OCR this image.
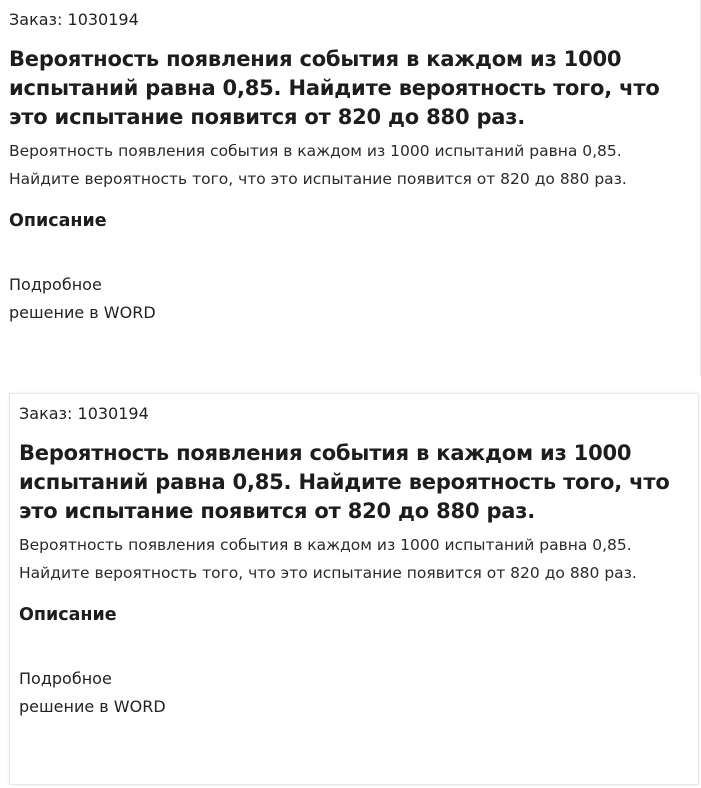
Заказ: 1030194

Вероятность появления события в каждом из 1000 испытаний равна 0,85. Найдите вероятность того, что это испытание появится от 820 до 880 раз.

Вероятность появления события в каждом из 1000 испытаний равна 0,85. Найдите вероятность того, что это испытание появится от 820 до 880 раз.

Описание

Подробное решение в WORD

Заказ: 1030194

Вероятность появления события в каждом из 1000 испытаний равна 0,85. Найдите вероятность того, что это испытание появится от 820 до 880 раз.

Вероятность появления события в каждом из 1000 испытаний равна 0,85. Найдите вероятность того, что это испытание появится от 820 до 880 раз.

Описание

Подробное решение в WORD
